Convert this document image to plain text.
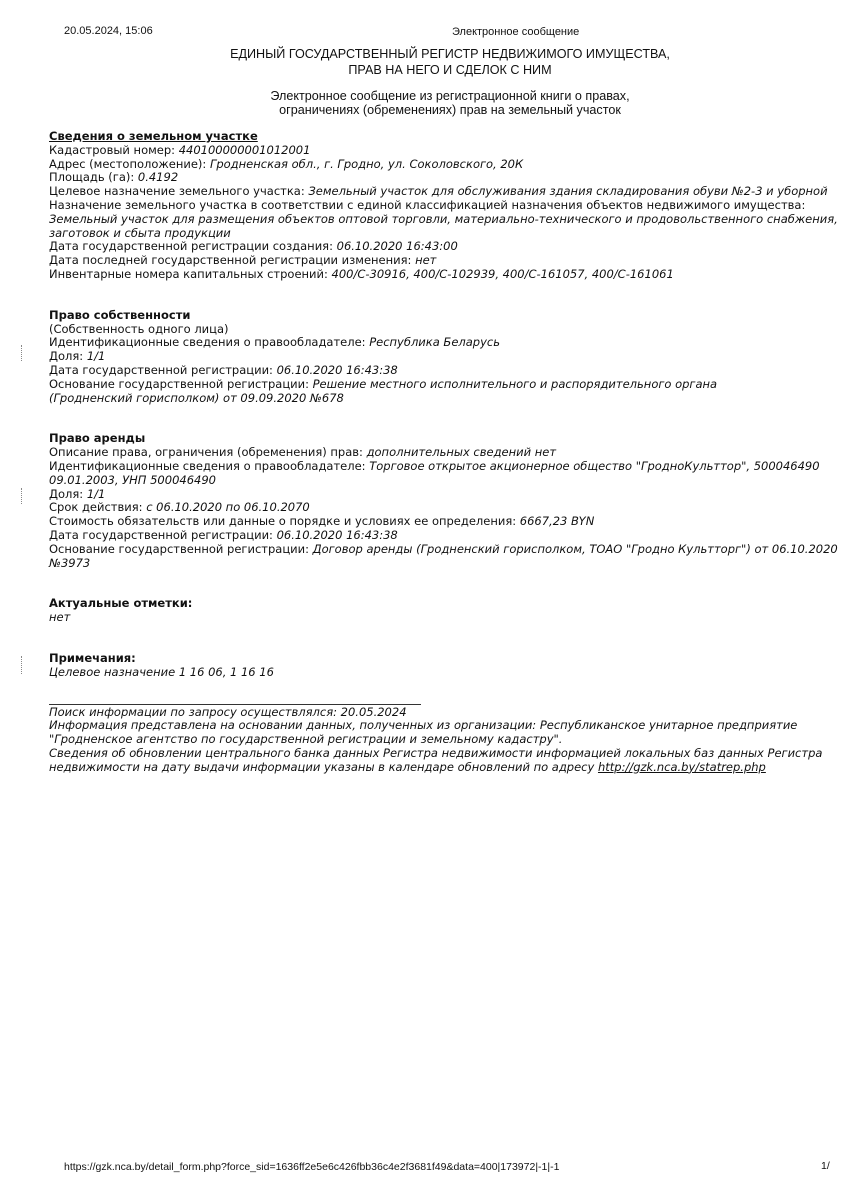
20.05.2024, 15:06	Электронное сообщение
ЕДИНЫЙ ГОСУДАРСТВЕННЫЙ РЕГИСТР НЕДВИЖИМОГО ИМУЩЕСТВА,
ПРАВ НА НЕГО И СДЕЛОК С НИМ
Электронное сообщение из регистрационной книги о правах,
ограничениях (обременениях) прав на земельный участок
Сведения о земельном участке
Кадастровый номер: 440100000001012001
Адрес (местоположение): Гродненская обл., г. Гродно, ул. Соколовского, 20К
Площадь (га): 0.4192
Целевое назначение земельного участка: Земельный участок для обслуживания здания складирования обуви №2-3 и уборной
Назначение земельного участка в соответствии с единой классификацией назначения объектов недвижимого имущества:
Земельный участок для размещения объектов оптовой торговли, материально-технического и продовольственного снабжения, заготовок и сбыта продукции
Дата государственной регистрации создания: 06.10.2020 16:43:00
Дата последней государственной регистрации изменения: нет
Инвентарные номера капитальных строений: 400/С-30916, 400/С-102939, 400/С-161057, 400/С-161061
Право собственности
(Собственность одного лица)
Идентификационные сведения о правообладателе: Республика Беларусь
Доля: 1/1
Дата государственной регистрации: 06.10.2020 16:43:38
Основание государственной регистрации: Решение местного исполнительного и распорядительного органа (Гродненский горисполком) от 09.09.2020 №678
Право аренды
Описание права, ограничения (обременения) прав: дополнительных сведений нет
Идентификационные сведения о правообладателе: Торговое открытое акционерное общество "ГродноКульттор", 500046490 09.01.2003, УНП 500046490
Доля: 1/1
Срок действия: с 06.10.2020 по 06.10.2070
Стоимость обязательств или данные о порядке и условиях ее определения: 6667,23 BYN
Дата государственной регистрации: 06.10.2020 16:43:38
Основание государственной регистрации: Договор аренды (Гродненский горисполком, ТОАО "Гродно Культторг") от 06.10.2020 №3973
Актуальные отметки:
нет
Примечания:
Целевое назначение 1 16 06, 1 16 16
Поиск информации по запросу осуществлялся: 20.05.2024
Информация представлена на основании данных, полученных из организации: Республиканское унитарное предприятие "Гродненское агентство по государственной регистрации и земельному кадастру".
Сведения об обновлении центрального банка данных Регистра недвижимости информацией локальных баз данных Регистра недвижимости на дату выдачи информации указаны в календаре обновлений по адресу http://gzk.nca.by/statrep.php
https://gzk.nca.by/detail_form.php?force_sid=1636ff2e5e6c426fbb36c4e2f3681f49&data=400|173972|-1|-1	1/
